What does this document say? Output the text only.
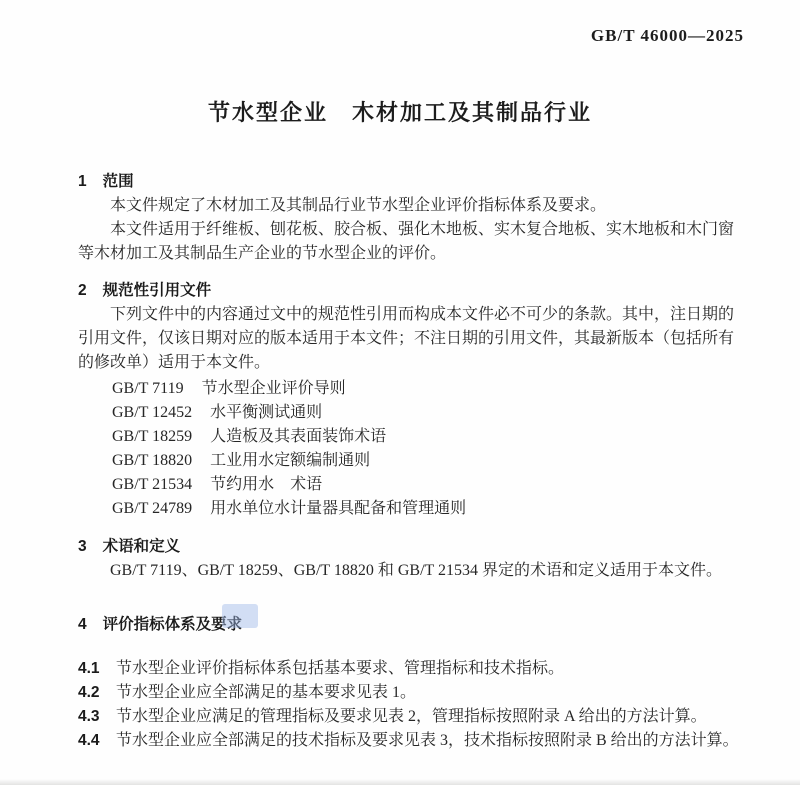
GB/T 46000—2025
节水型企业　木材加工及其制品行业
1 范围

本文件规定了木材加工及其制品行业节水型企业评价指标体系及要求。

本文件适用于纤维板、刨花板、胶合板、强化木地板、实木复合地板、实木地板和木门窗等木材加工及其制品生产企业的节水型企业的评价。

2 规范性引用文件

下列文件中的内容通过文中的规范性引用而构成本文件必不可少的条款。其中，注日期的引用文件，仅该日期对应的版本适用于本文件；不注日期的引用文件，其最新版本（包括所有的修改单）适用于本文件。

GB/T 7119 节水型企业评价导则
GB/T 12452 水平衡测试通则
GB/T 18259 人造板及其表面装饰术语
GB/T 18820 工业用水定额编制通则
GB/T 21534 节约用水　术语
GB/T 24789 用水单位水计量器具配备和管理通则
3 术语和定义

GB/T 7119、GB/T 18259、GB/T 18820 和 GB/T 21534 界定的术语和定义适用于本文件。

4 评价指标体系及要求
4.1 节水型企业评价指标体系包括基本要求、管理指标和技术指标。
4.2 节水型企业应全部满足的基本要求见表 1。
4.3 节水型企业应满足的管理指标及要求见表 2，管理指标按照附录 A 给出的方法计算。
4.4 节水型企业应全部满足的技术指标及要求见表 3，技术指标按照附录 B 给出的方法计算。
